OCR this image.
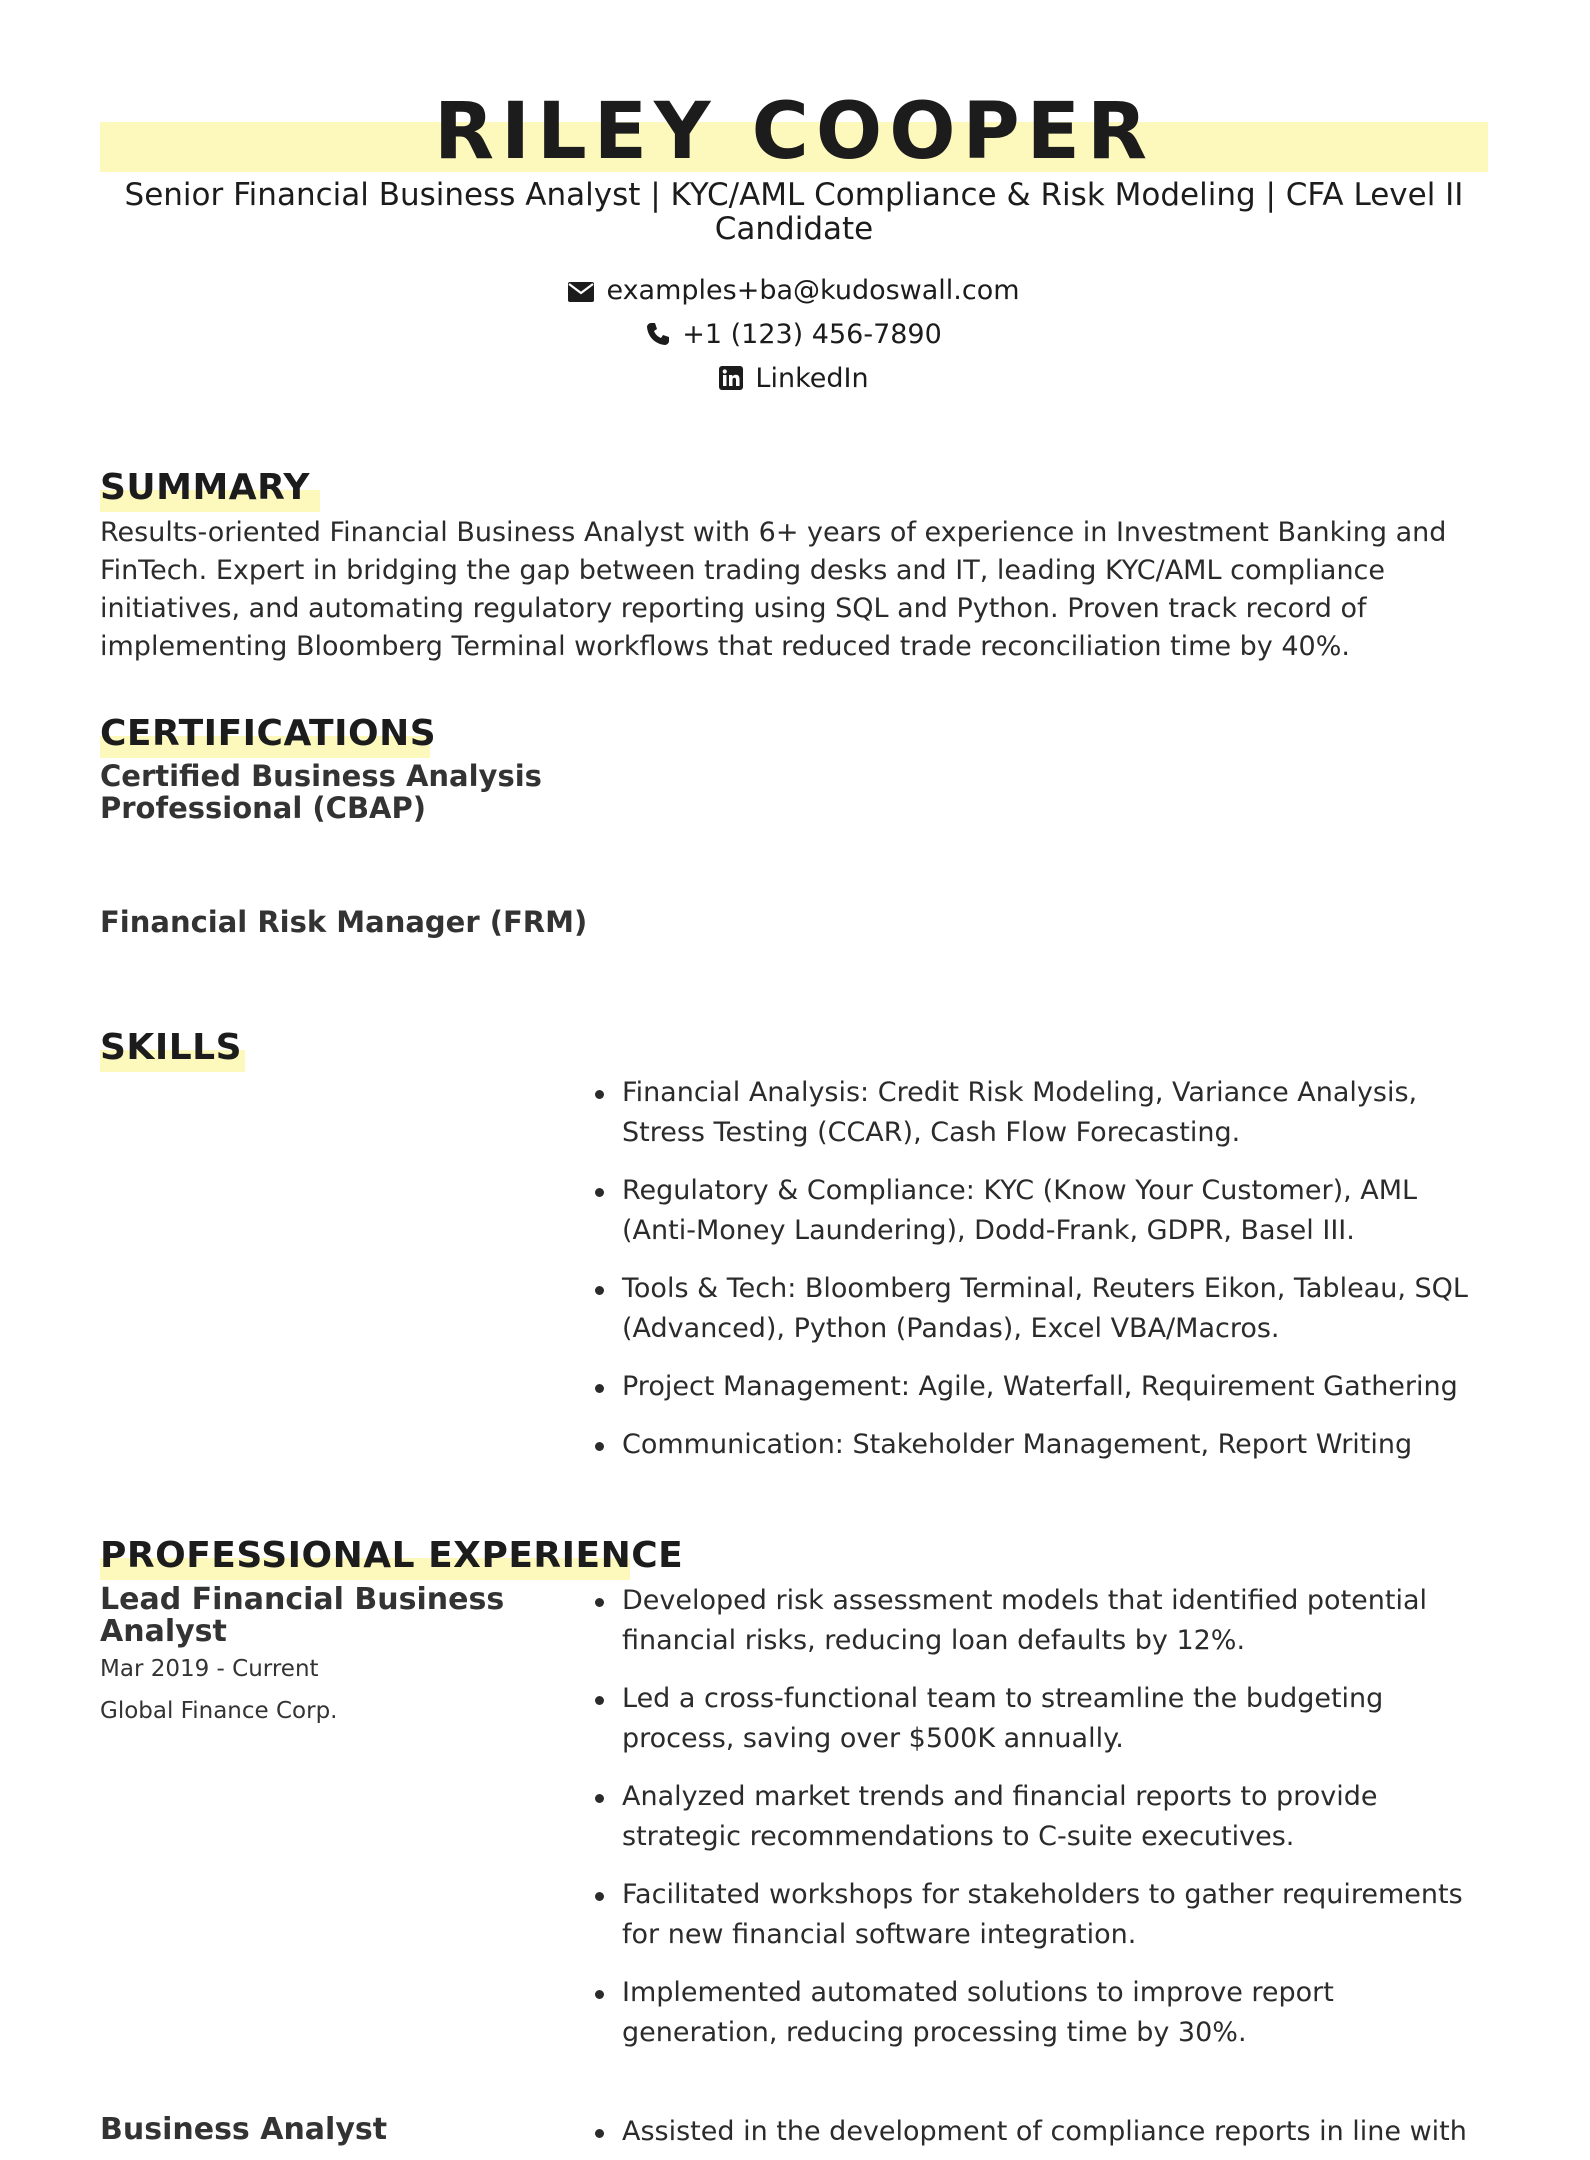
RILEY COOPER
Senior Financial Business Analyst | KYC/AML Compliance & Risk Modeling | CFA Level II Candidate
examples+ba@kudoswall.com
+1 (123) 456-7890
LinkedIn
SUMMARY
Results-oriented Financial Business Analyst with 6+ years of experience in Investment Banking and FinTech. Expert in bridging the gap between trading desks and IT, leading KYC/AML compliance initiatives, and automating regulatory reporting using SQL and Python. Proven track record of implementing Bloomberg Terminal workflows that reduced trade reconciliation time by 40%.
CERTIFICATIONS
Certified Business Analysis Professional (CBAP)
Financial Risk Manager (FRM)
SKILLS
Financial Analysis: Credit Risk Modeling, Variance Analysis, Stress Testing (CCAR), Cash Flow Forecasting.
Regulatory & Compliance: KYC (Know Your Customer), AML (Anti-Money Laundering), Dodd-Frank, GDPR, Basel III.
Tools & Tech: Bloomberg Terminal, Reuters Eikon, Tableau, SQL (Advanced), Python (Pandas), Excel VBA/Macros.
Project Management: Agile, Waterfall, Requirement Gathering
Communication: Stakeholder Management, Report Writing
PROFESSIONAL EXPERIENCE
Lead Financial Business Analyst
Mar 2019 - Current
Global Finance Corp.
Developed risk assessment models that identified potential financial risks, reducing loan defaults by 12%.
Led a cross-functional team to streamline the budgeting process, saving over $500K annually.
Analyzed market trends and financial reports to provide strategic recommendations to C-suite executives.
Facilitated workshops for stakeholders to gather requirements for new financial software integration.
Implemented automated solutions to improve report generation, reducing processing time by 30%.
Business Analyst	Assisted in the development of compliance reports in line with
